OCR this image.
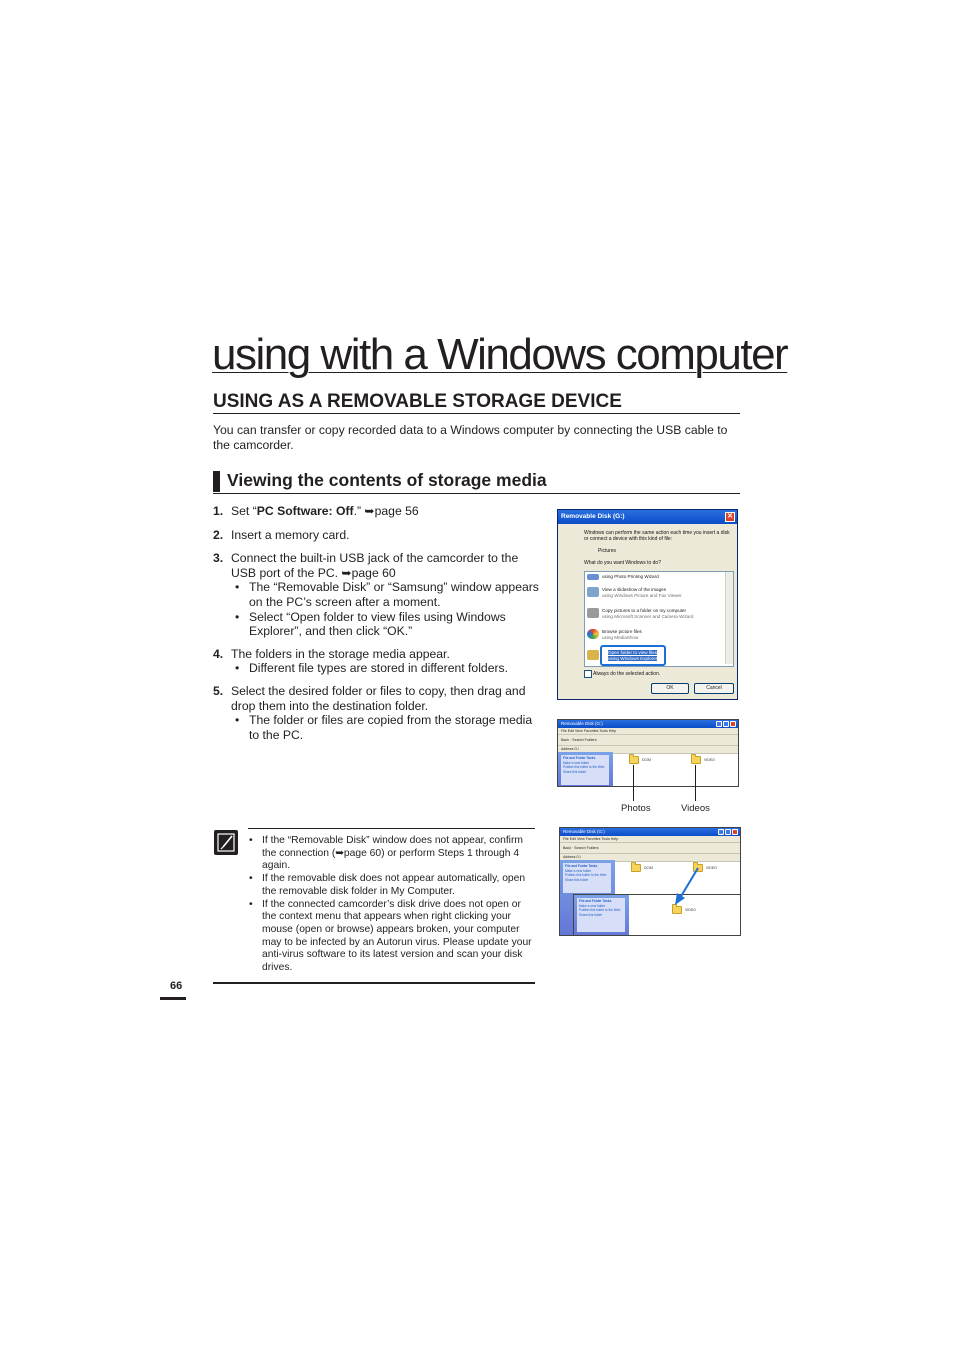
using with a Windows computer
USING AS A REMOVABLE STORAGE DEVICE
You can transfer or copy recorded data to a Windows computer by connecting the USB cable to the camcorder.
Viewing the contents of storage media
1. Set “PC Software: Off.” ➥page 56
2. Insert a memory card.
3. Connect the built-in USB jack of the camcorder to the USB port of the PC. ➥page 60
• The “Removable Disk” or “Samsung” window appears on the PC’s screen after a moment.
• Select “Open folder to view files using Windows Explorer”, and then click “OK.”
4. The folders in the storage media appear.
• Different file types are stored in different folders.
5. Select the desired folder or files to copy, then drag and drop them into the destination folder.
• The folder or files are copied from the storage media to the PC.
Removable Disk (G:)	✕
Windows can perform the same action each time you insert a disk or connect a device with this kind of file:
Pictures
What do you want Windows to do?
using Photo Printing Wizard
View a slideshow of the images
using Windows Picture and Fax Viewer
Copy pictures to a folder on my computer
using Microsoft Scanner and Camera Wizard
Browse picture files
using MediaShow
Open folder to view files
using Windows Explorer
Always do the selected action.
OK	Cancel
Removable Disk (G:)
File Edit View Favorites Tools Help
Back · Search Folders
Address G:\
File and Folder Tasks
Make a new folder
Publish this folder to the Web
Share this folder
DCIM	VIDEO
Photos	Videos
Removable Disk (G:)
File Edit View Favorites Tools Help
Back · Search Folders
Address G:\
File and Folder Tasks
Make a new folder
Publish this folder to the Web
Share this folder
DCIM	VIDEO
File and Folder Tasks
Make a new folder
Publish this folder to the Web
Share this folder
VIDEO
• If the “Removable Disk” window does not appear, confirm the connection (➥page 60) or perform Steps 1 through 4 again.
• If the removable disk does not appear automatically, open the removable disk folder in My Computer.
• If the connected camcorder’s disk drive does not open or the context menu that appears when right clicking your mouse (open or browse) appears broken, your computer may to be infected by an Autorun virus. Please update your anti-virus software to its latest version and scan your disk drives.
66
